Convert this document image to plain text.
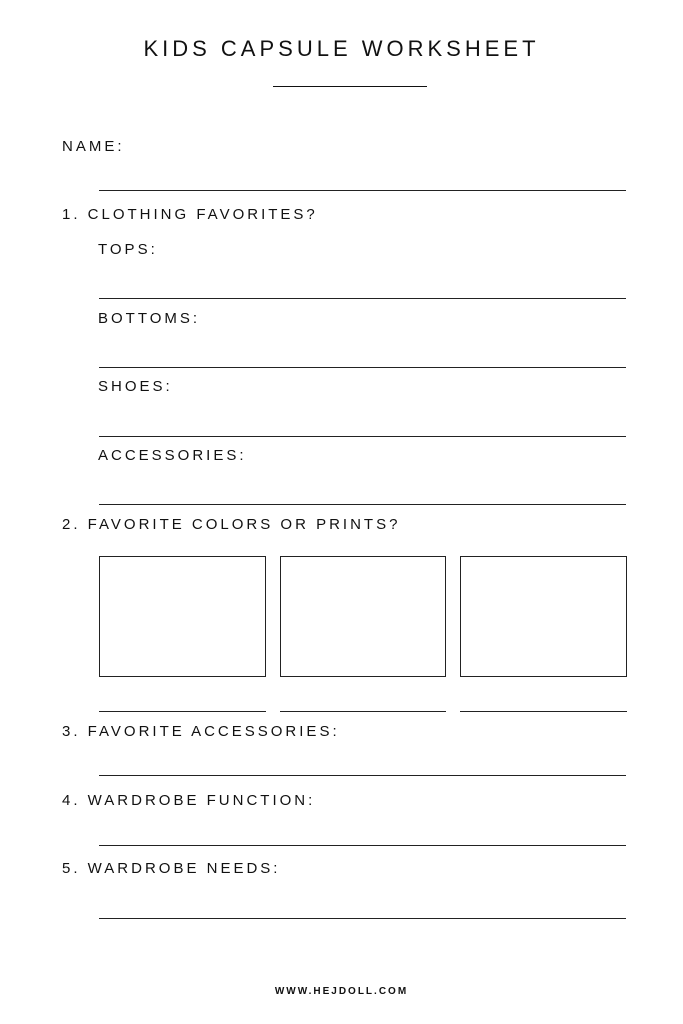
KIDS CAPSULE WORKSHEET
NAME:
1. CLOTHING FAVORITES?
TOPS:
BOTTOMS:
SHOES:
ACCESSORIES:
2. FAVORITE COLORS OR PRINTS?
3. FAVORITE ACCESSORIES:
4. WARDROBE FUNCTION:
5. WARDROBE NEEDS:
WWW.HEJDOLL.COM
